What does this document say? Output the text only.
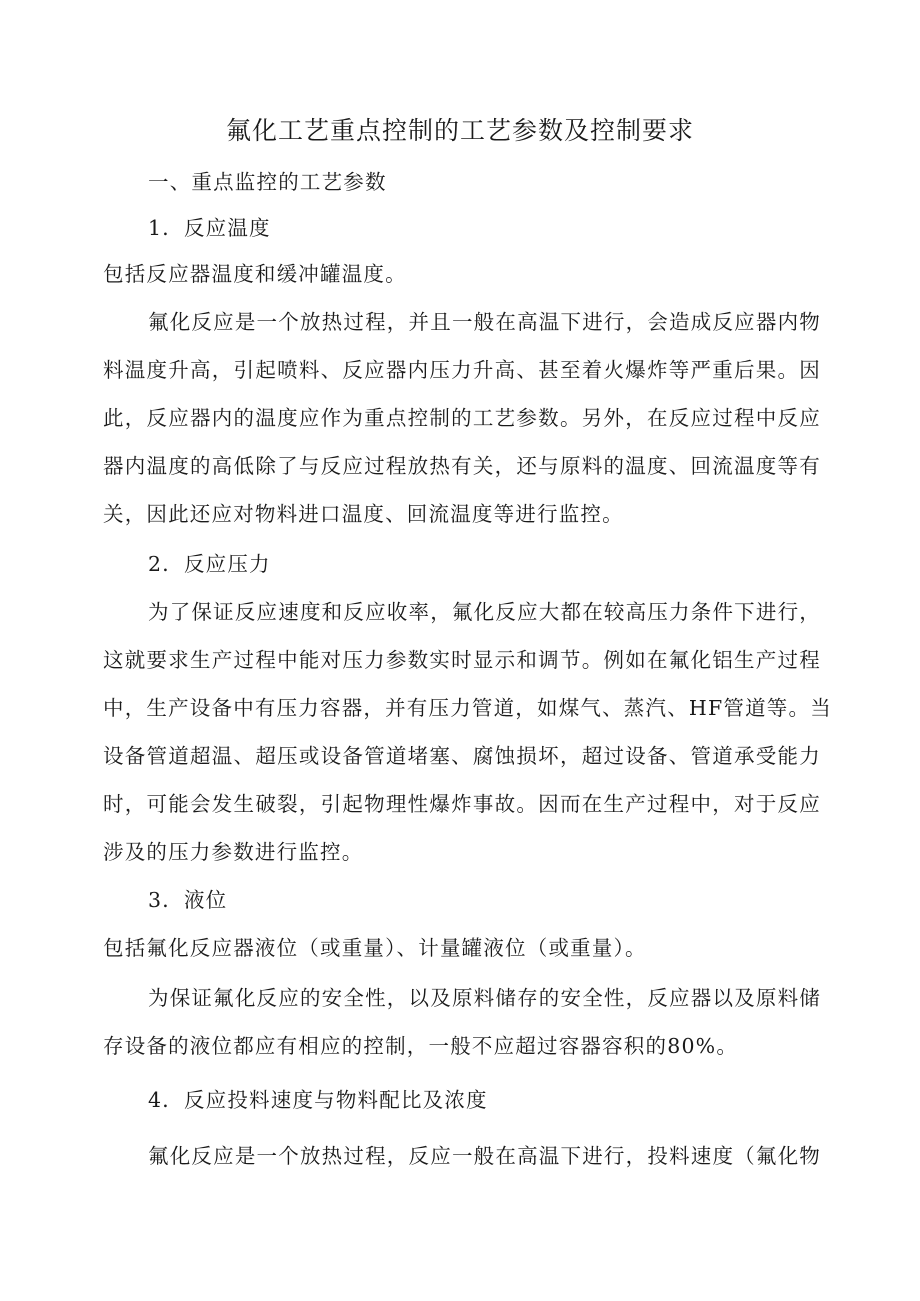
氟化工艺重点控制的工艺参数及控制要求
一、重点监控的工艺参数
1．反应温度
包括反应器温度和缓冲罐温度。
氟化反应是一个放热过程，并且一般在高温下进行，会造成反应器内物
料温度升高，引起喷料、反应器内压力升高、甚至着火爆炸等严重后果。因
此，反应器内的温度应作为重点控制的工艺参数。另外，在反应过程中反应
器内温度的高低除了与反应过程放热有关，还与原料的温度、回流温度等有
关，因此还应对物料进口温度、回流温度等进行监控。
2．反应压力
为了保证反应速度和反应收率，氟化反应大都在较高压力条件下进行，
这就要求生产过程中能对压力参数实时显示和调节。例如在氟化铝生产过程
中，生产设备中有压力容器，并有压力管道，如煤气、蒸汽、HF管道等。当
设备管道超温、超压或设备管道堵塞、腐蚀损坏，超过设备、管道承受能力
时，可能会发生破裂，引起物理性爆炸事故。因而在生产过程中，对于反应
涉及的压力参数进行监控。
3．液位
包括氟化反应器液位（或重量）、计量罐液位（或重量）。
为保证氟化反应的安全性，以及原料储存的安全性，反应器以及原料储
存设备的液位都应有相应的控制，一般不应超过容器容积的80%。
4．反应投料速度与物料配比及浓度
氟化反应是一个放热过程，反应一般在高温下进行，投料速度（氟化物
